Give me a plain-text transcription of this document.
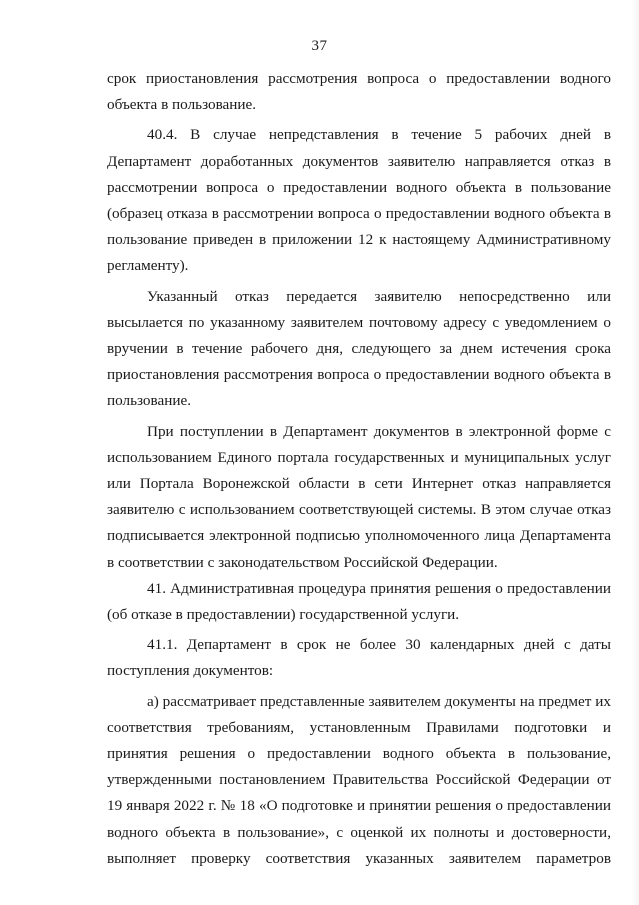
37

срок приостановления рассмотрения вопроса о предоставлении водного объекта в пользование.

40.4. В случае непредставления в течение 5 рабочих дней в Департамент доработанных документов заявителю направляется отказ в рассмотрении вопроса о предоставлении водного объекта в пользование (образец отказа в рассмотрении вопроса о предоставлении водного объекта в пользование приведен в приложении 12 к настоящему Административному регламенту).

Указанный отказ передается заявителю непосредственно или высылается по указанному заявителем почтовому адресу с уведомлением о вручении в течение рабочего дня, следующего за днем истечения срока приостановления рассмотрения вопроса о предоставлении водного объекта в пользование.

При поступлении в Департамент документов в электронной форме с использованием Единого портала государственных и муниципальных услуг или Портала Воронежской области в сети Интернет отказ направляется заявителю с использованием соответствующей системы. В этом случае отказ подписывается электронной подписью уполномоченного лица Департамента в соответствии с законодательством Российской Федерации.

41. Административная процедура принятия решения о предоставлении (об отказе в предоставлении) государственной услуги.

41.1. Департамент в срок не более 30 календарных дней с даты поступления документов:

а) рассматривает представленные заявителем документы на предмет их соответствия требованиям, установленным Правилами подготовки и принятия решения о предоставлении водного объекта в пользование, утвержденными постановлением Правительства Российской Федерации от 19 января 2022 г. № 18 «О подготовке и принятии решения о предоставлении водного объекта в пользование», с оценкой их полноты и достоверности, выполняет проверку соответствия указанных заявителем параметров
